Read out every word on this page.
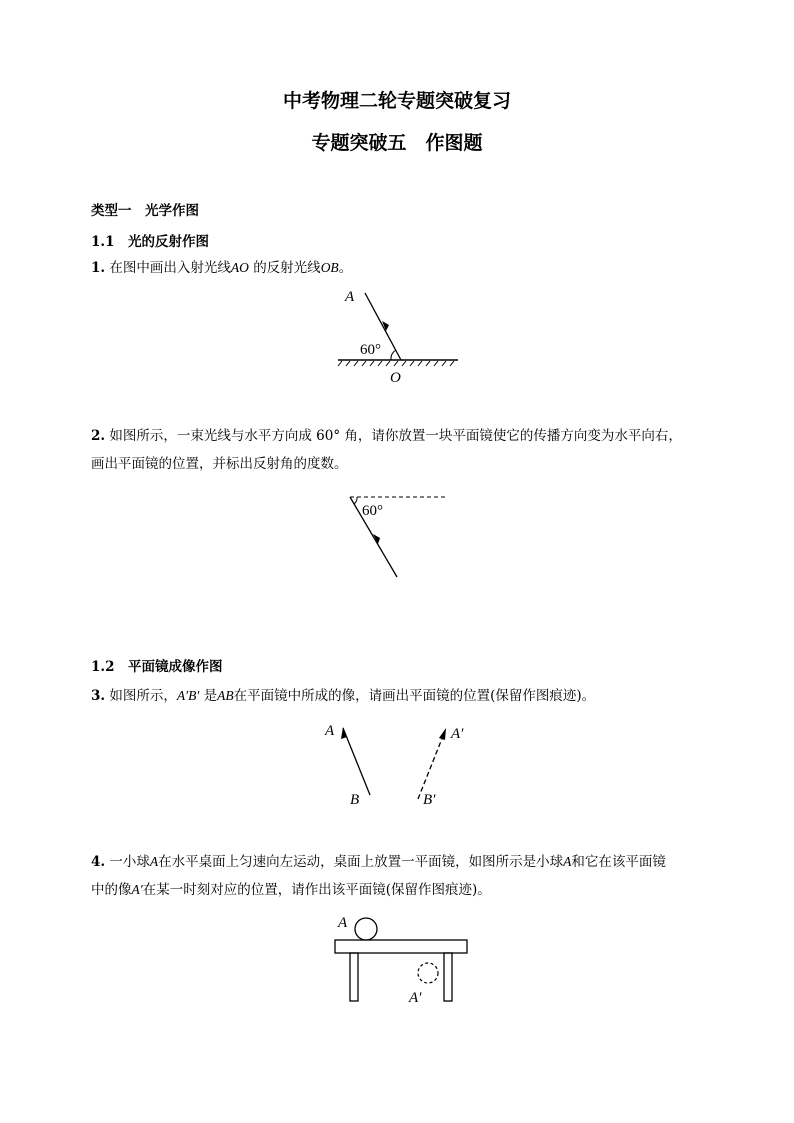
中考物理二轮专题突破复习
专题突破五　作图题
类型一　光学作图
1.1　光的反射作图
1. 在图中画出入射光线AO 的反射光线OB。
A
60°
O
2. 如图所示，一束光线与水平方向成 60° 角，请你放置一块平面镜使它的传播方向变为水平向右，
画出平面镜的位置，并标出反射角的度数。
60°
1.2　平面镜成像作图
3. 如图所示，A′B′ 是AB在平面镜中所成的像，请画出平面镜的位置(保留作图痕迹)。
A
B
A′
B′
4. 一小球A在水平桌面上匀速向左运动，桌面上放置一平面镜，如图所示是小球A和它在该平面镜
中的像A′在某一时刻对应的位置，请作出该平面镜(保留作图痕迹)。
A
A′
